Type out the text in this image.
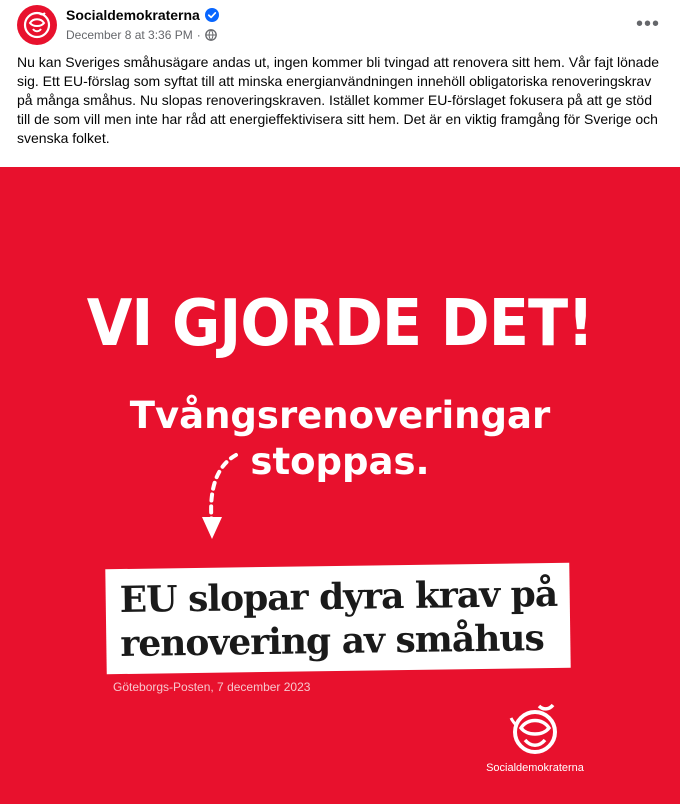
Socialdemokraterna
December 8 at 3:36 PM ·
•••

Nu kan Sveriges småhusägare andas ut, ingen kommer bli tvingad att renovera sitt hem. Vår fajt lönade sig. Ett EU-förslag som syftat till att minska energianvändningen innehöll obligatoriska renoveringskrav på många småhus. Nu slopas renoveringskraven. Istället kommer EU-förslaget fokusera på att ge stöd till de som vill men inte har råd att energieffektivisera sitt hem. Det är en viktig framgång för Sverige och svenska folket.

VI GJORDE DET!
Tvångsrenoveringar
stoppas.
EU slopar dyra krav på
renovering av småhus
Göteborgs-Posten, 7 december 2023
Socialdemokraterna
